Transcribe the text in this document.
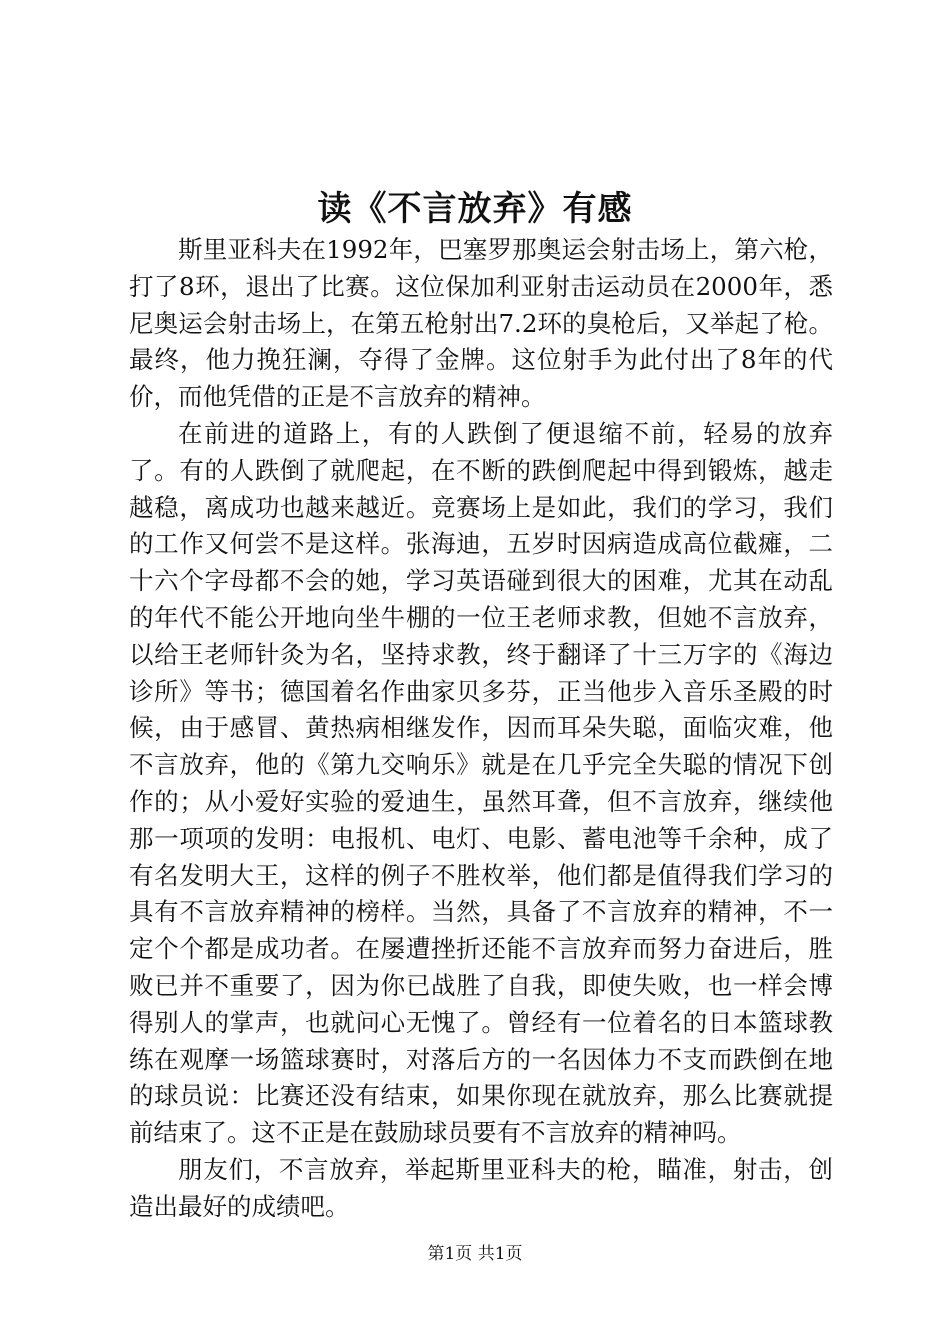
读《不言放弃》有感

斯里亚科夫在1992年，巴塞罗那奥运会射击场上，第六枪，打了8环，退出了比赛。这位保加利亚射击运动员在2000年，悉尼奥运会射击场上，在第五枪射出7.2环的臭枪后，又举起了枪。最终，他力挽狂澜，夺得了金牌。这位射手为此付出了8年的代价，而他凭借的正是不言放弃的精神。

在前进的道路上，有的人跌倒了便退缩不前，轻易的放弃了。有的人跌倒了就爬起，在不断的跌倒爬起中得到锻炼，越走越稳，离成功也越来越近。竞赛场上是如此，我们的学习，我们的工作又何尝不是这样。张海迪，五岁时因病造成高位截瘫，二十六个字母都不会的她，学习英语碰到很大的困难，尤其在动乱的年代不能公开地向坐牛棚的一位王老师求教，但她不言放弃，以给王老师针灸为名，坚持求教，终于翻译了十三万字的《海边诊所》等书；德国着名作曲家贝多芬，正当他步入音乐圣殿的时候，由于感冒、黄热病相继发作，因而耳朵失聪，面临灾难，他不言放弃，他的《第九交响乐》就是在几乎完全失聪的情况下创作的；从小爱好实验的爱迪生，虽然耳聋，但不言放弃，继续他那一项项的发明：电报机、电灯、电影、蓄电池等千余种，成了有名发明大王，这样的例子不胜枚举，他们都是值得我们学习的具有不言放弃精神的榜样。当然，具备了不言放弃的精神，不一定个个都是成功者。在屡遭挫折还能不言放弃而努力奋进后，胜败已并不重要了，因为你已战胜了自我，即使失败，也一样会博得别人的掌声，也就问心无愧了。曾经有一位着名的日本篮球教练在观摩一场篮球赛时，对落后方的一名因体力不支而跌倒在地的球员说：比赛还没有结束，如果你现在就放弃，那么比赛就提前结束了。这不正是在鼓励球员要有不言放弃的精神吗。

朋友们，不言放弃，举起斯里亚科夫的枪，瞄准，射击，创造出最好的成绩吧。

第1页 共1页
